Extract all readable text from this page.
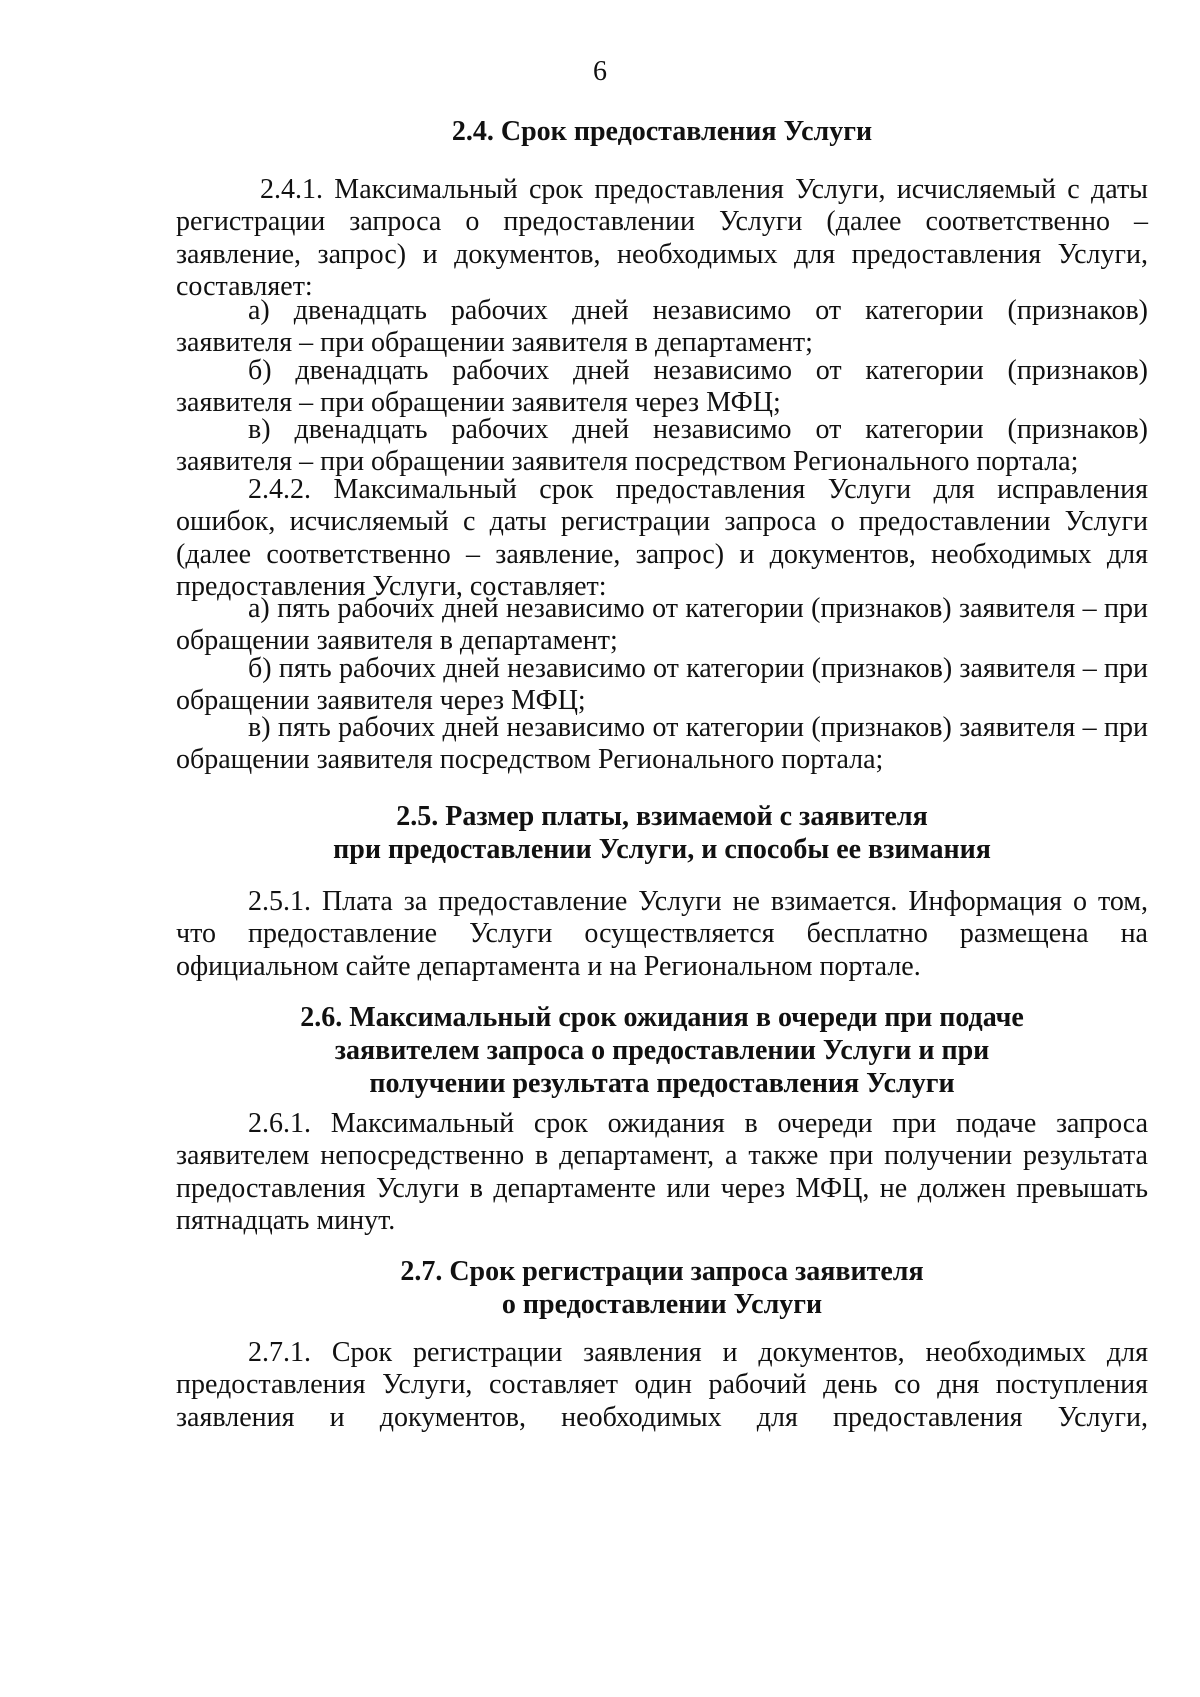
6
2.4. Срок предоставления Услуги
2.4.1. Максимальный срок предоставления Услуги, исчисляемый с даты регистрации запроса о предоставлении Услуги (далее соответственно – заявление, запрос) и документов, необходимых для предоставления Услуги, составляет:
а) двенадцать рабочих дней независимо от категории (признаков) заявителя – при обращении заявителя в департамент;
б) двенадцать рабочих дней независимо от категории (признаков) заявителя – при обращении заявителя через МФЦ;
в) двенадцать рабочих дней независимо от категории (признаков) заявителя – при обращении заявителя посредством Регионального портала;
2.4.2. Максимальный срок предоставления Услуги для исправления ошибок, исчисляемый с даты регистрации запроса о предоставлении Услуги (далее соответственно – заявление, запрос) и документов, необходимых для предоставления Услуги, составляет:
а) пять рабочих дней независимо от категории (признаков) заявителя – при обращении заявителя в департамент;
б) пять рабочих дней независимо от категории (признаков) заявителя – при обращении заявителя через МФЦ;
в) пять рабочих дней независимо от категории (признаков) заявителя – при обращении заявителя посредством Регионального портала;
2.5. Размер платы, взимаемой с заявителя
при предоставлении Услуги, и способы ее взимания
2.5.1. Плата за предоставление Услуги не взимается. Информация о том, что предоставление Услуги осуществляется бесплатно размещена на официальном сайте департамента и на Региональном портале.
2.6. Максимальный срок ожидания в очереди при подаче
заявителем запроса о предоставлении Услуги и при
получении результата предоставления Услуги
2.6.1. Максимальный срок ожидания в очереди при подаче запроса заявителем непосредственно в департамент, а также при получении результата предоставления Услуги в департаменте или через МФЦ, не должен превышать пятнадцать минут.
2.7. Срок регистрации запроса заявителя
о предоставлении Услуги
2.7.1. Срок регистрации заявления и документов, необходимых для предоставления Услуги, составляет один рабочий день со дня поступления заявления и документов, необходимых для предоставления Услуги,
